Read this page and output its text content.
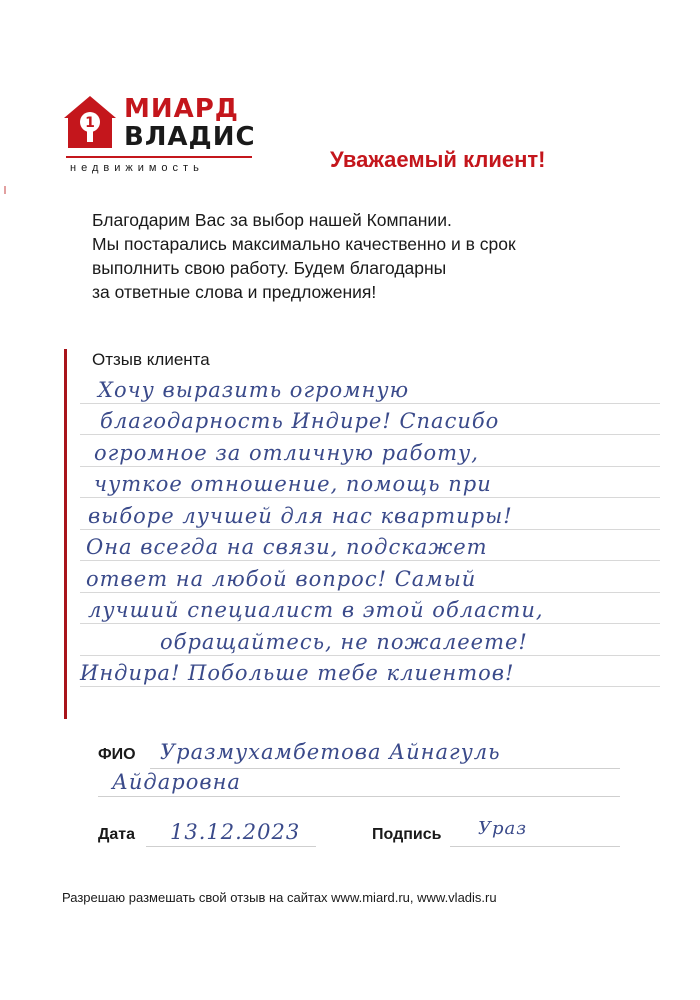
1 МИАРД
ВЛАДИС
недвижимость	Уважаемый клиент!
Благодарим Вас за выбор нашей Компании.
Мы постарались максимально качественно и в срок
выполнить свою работу. Будем благодарны
за ответные слова и предложения!
Отзыв клиента
Хочу выразить огромную
благодарность Индире! Спасибо
огромное за отличную работу,
чуткое отношение, помощь при
выборе лучшей для нас квартиры!
Она всегда на связи, подскажет
ответ на любой вопрос! Самый
лучший специалист в этой области,
обращайтесь, не пожалеете!
Индира! Побольше тебе клиентов!
ФИО Уразмухамбетова Айнагуль
Айдаровна
Дата 13.12.2023	Подпись Ураз
Разрешаю размешать свой отзыв на сайтах www.miard.ru, www.vladis.ru
